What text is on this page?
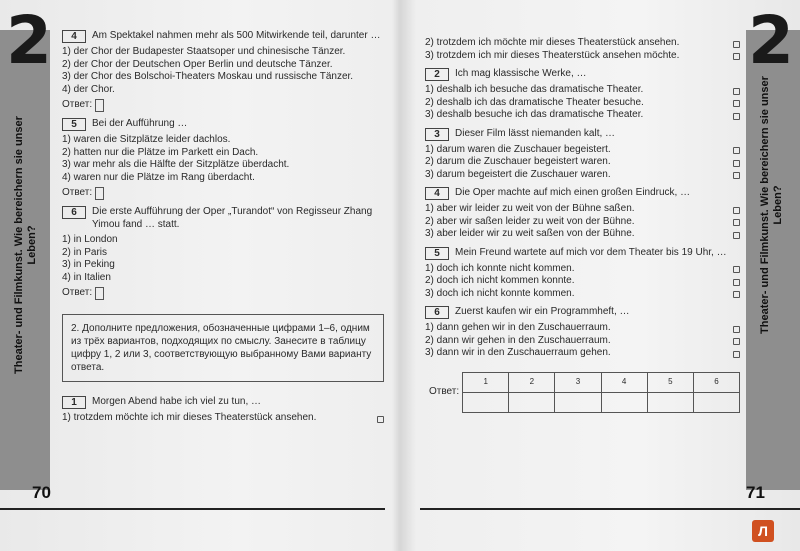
2
Theater- und Filmkunst. Wie bereichern sie unser Leben?
70
4	Am Spektakel nahmen mehr als 500 Mitwirkende teil, darunter …
1) der Chor der Budapester Staatsoper und chinesische Tänzer.
2) der Chor der Deutschen Oper Berlin und deutsche Tänzer.
3) der Chor des Bolschoi-Theaters Moskau und russische Tänzer.
4) der Chor.
Ответ:
5	Bei der Aufführung …
1) waren die Sitzplätze leider dachlos.
2) hatten nur die Plätze im Parkett ein Dach.
3) war mehr als die Hälfte der Sitzplätze überdacht.
4) waren nur die Plätze im Rang überdacht.
Ответ:
6	Die erste Aufführung der Oper „Turandot“ von Regisseur Zhang Yimou fand … statt.
1) in London
2) in Paris
3) in Peking
4) in Italien
Ответ:
2. Дополните предложения, обозначенные цифрами 1–6, одним из трёх вариантов, подходящих по смыслу. Занесите в таблицу цифру 1, 2 или 3, соответствующую выбранному Вами варианту ответа.
1	Morgen Abend habe ich viel zu tun, …
1) trotzdem möchte ich mir dieses Theaterstück ansehen.
2
Theater- und Filmkunst. Wie bereichern sie unser Leben?
71
2) trotzdem ich möchte mir dieses Theaterstück ansehen.
3) trotzdem ich mir dieses Theaterstück ansehen möchte.
2	Ich mag klassische Werke, …
1) deshalb ich besuche das dramatische Theater.
2) deshalb ich das dramatische Theater besuche.
3) deshalb besuche ich das dramatische Theater.
3	Dieser Film lässt niemanden kalt, …
1) darum waren die Zuschauer begeistert.
2) darum die Zuschauer begeistert waren.
3) darum begeistert die Zuschauer waren.
4	Die Oper machte auf mich einen großen Eindruck, …
1) aber wir leider zu weit von der Bühne saßen.
2) aber wir saßen leider zu weit von der Bühne.
3) aber leider wir zu weit saßen von der Bühne.
5	Mein Freund wartete auf mich vor dem Theater bis 19 Uhr, …
1) doch ich konnte nicht kommen.
2) doch ich nicht kommen konnte.
3) doch ich nicht konnte kommen.
6	Zuerst kaufen wir ein Programmheft, …
1) dann gehen wir in den Zuschauerraum.
2) dann wir gehen in den Zuschauerraum.
3) dann wir in den Zuschauerraum gehen.
Ответ:
1	2	3	4	5	6

Л
